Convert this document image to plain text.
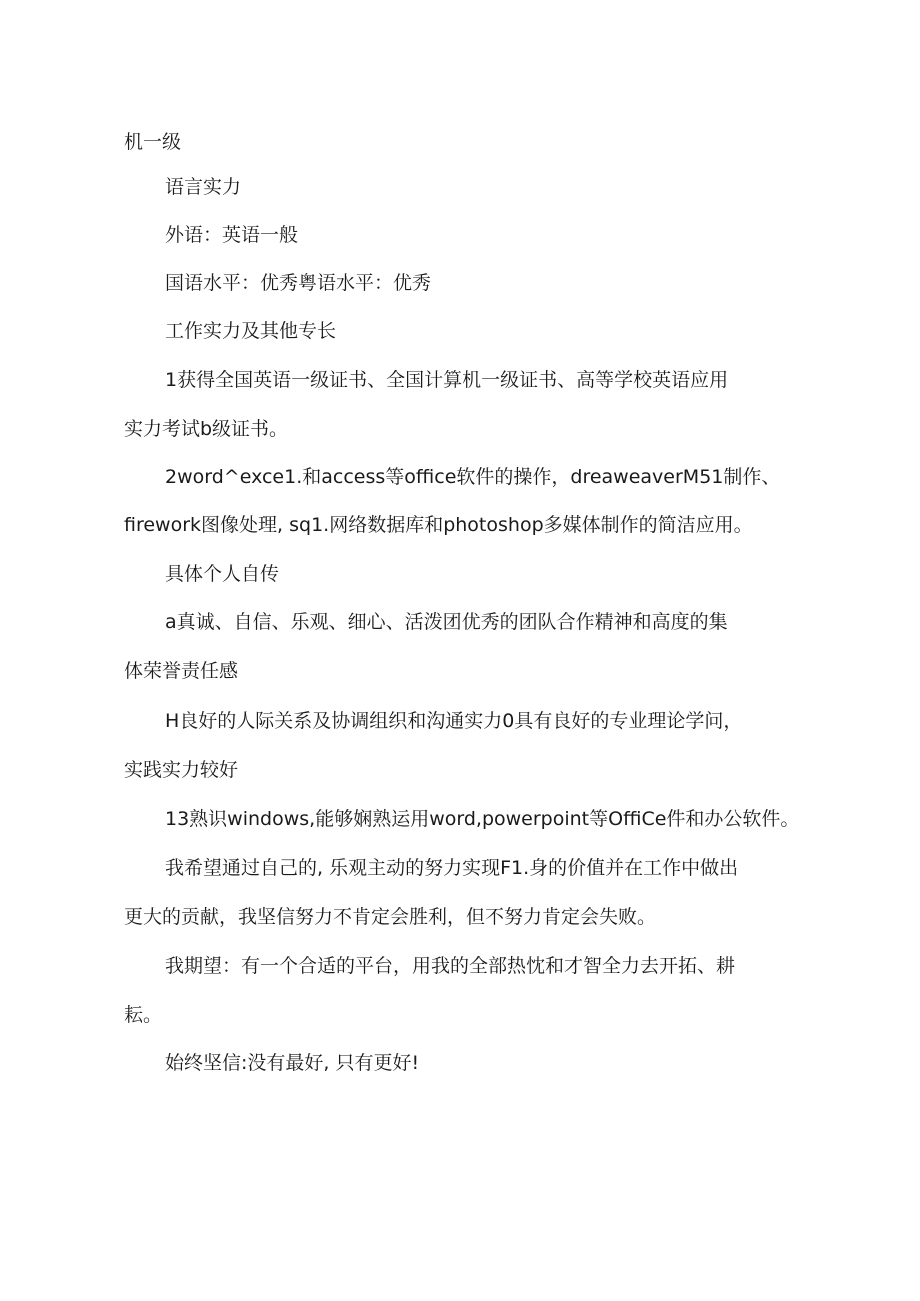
机一级
语言实力
外语：英语一般
国语水平：优秀粤语水平：优秀
工作实力及其他专长
1获得全国英语一级证书、全国计算机一级证书、高等学校英语应用
实力考试b级证书。
2word^exce1.和access等office软件的操作，dreaweaverM51制作、
firework图像处理, sq1.网络数据库和photoshop多媒体制作的简洁应用。
具体个人自传
a真诚、自信、乐观、细心、活泼团优秀的团队合作精神和高度的集
体荣誉责任感
H良好的人际关系及协调组织和沟通实力0具有良好的专业理论学问，
实践实力较好
13熟识windows,能够娴熟运用word,powerpoint等OffiCe件和办公软件。
我希望通过自己的, 乐观主动的努力实现F1.身的价值并在工作中做出
更大的贡献，我坚信努力不肯定会胜利，但不努力肯定会失败。
我期望：有一个合适的平台，用我的全部热忱和才智全力去开拓、耕
耘。
始终坚信:没有最好, 只有更好!
